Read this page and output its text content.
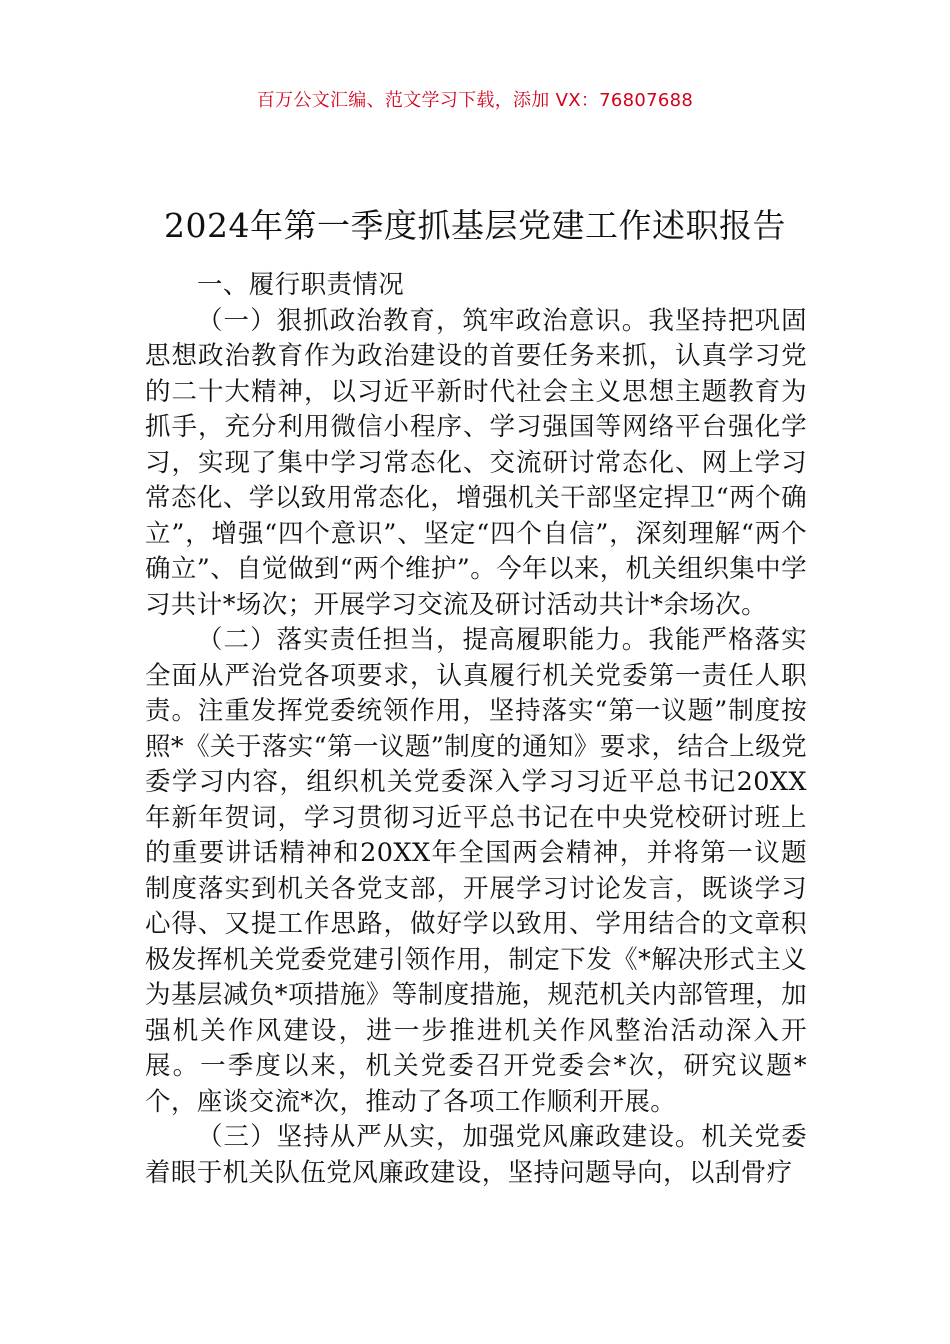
百万公文汇编、范文学习下载，添加 VX：76807688
2024年第一季度抓基层党建工作述职报告

一、履行职责情况

（一）狠抓政治教育，筑牢政治意识。我坚持把巩固思想政治教育作为政治建设的首要任务来抓，认真学习党的二十大精神，以习近平新时代社会主义思想主题教育为抓手，充分利用微信小程序、学习强国等网络平台强化学习，实现了集中学习常态化、交流研讨常态化、网上学习常态化、学以致用常态化，增强机关干部坚定捍卫“两个确立”，增强“四个意识”、坚定“四个自信”，深刻理解“两个确立”、自觉做到“两个维护”。今年以来，机关组织集中学习共计*场次；开展学习交流及研讨活动共计*余场次。

（二）落实责任担当，提高履职能力。我能严格落实全面从严治党各项要求，认真履行机关党委第一责任人职责。注重发挥党委统领作用，坚持落实“第一议题”制度按照*《关于落实“第一议题”制度的通知》要求，结合上级党委学习内容，组织机关党委深入学习习近平总书记20XX年新年贺词，学习贯彻习近平总书记在中央党校研讨班上的重要讲话精神和20XX年全国两会精神，并将第一议题制度落实到机关各党支部，开展学习讨论发言，既谈学习心得、又提工作思路，做好学以致用、学用结合的文章积极发挥机关党委党建引领作用，制定下发《*解决形式主义为基层减负*项措施》等制度措施，规范机关内部管理，加强机关作风建设，进一步推进机关作风整治活动深入开展。一季度以来，机关党委召开党委会*次，研究议题*个，座谈交流*次，推动了各项工作顺利开展。

（三）坚持从严从实，加强党风廉政建设。机关党委着眼于机关队伍党风廉政建设，坚持问题导向，以刮骨疗
